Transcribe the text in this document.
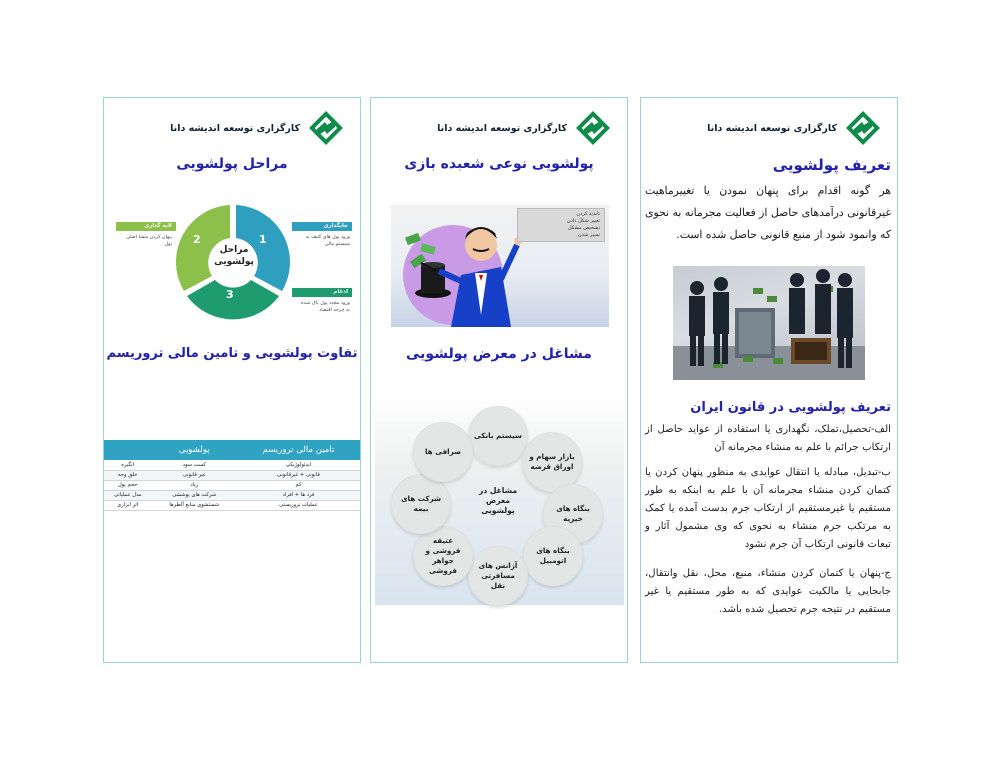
کارگزاری توسعه اندیشه دانا
مراحل پولشویی
مراحل پولشویی
1
2
3
جایگذاری
ورود پول های کثیف به سیستم مالی
لایه گذاری
پنهان کردن منشا اصلی پول
ادغام
ورود مجدد پول پاک شده به چرخه اقتصاد
تفاوت پولشویی و تامین مالی تروریسم
تامین مالی تروریسم	پولشویی	
ایدئولوژیکی	کسب سود	انگیزه
قانونی + غیرقانونی	غیر قانونی	خلق وجه
کم	زیاد	حجم پول
فرد ها + افراد	شرکت های پوششی	مدل عملیاتی
عملیات تروریستی	شستشوی منابع آلطرها	اثر ابزاری
کارگزاری توسعه اندیشه دانا
پولشویی نوعی شعبده بازی
نابدید کردن
تغییر شکل دادن
تشخیص مشکل
تمییز شدن
مشاغل در معرض پولشویی
مشاغل در معرض پولشویی
سیستم بانکی
بازار سهام و اوراق قرضه
بنگاه های خیریه
بنگاه های اتومبیل
آژانس های مسافرتی نقل
عتیقه فروشی و جواهر فروشی
شرکت های بیمه
صرافی ها
کارگزاری توسعه اندیشه دانا
تعریف پولشویی

هر گونه اقدام برای پنهان نمودن یا تغییرماهیت غیرقانونی درآمدهای حاصل از فعالیت مجرمانه به نحوی که وانمود شود از منبع قانونی حاصل شده است.

تعریف پولشویی در قانون ایران

الف-تحصیل،تملک، نگهداری یا استفاده از عواید حاصل از ارتکاب جرائم با علم به منشاء مجرمانه آن

ب-تبدیل، مبادله یا انتقال عوایدی به منظور پنهان کردن یا کتمان کردن منشاء مجرمانه آن با علم به اینکه به طور مستقیم یا غیرمستقیم از ارتکاب جرم بدست آمده یا کمک به مرتکب جرم منشاء به نحوی که وی مشمول آثار و تبعات قانونی ارتکاب آن جرم نشود

ج-پنهان یا کتمان کردن منشاء، منبع، محل، نقل وانتقال، جابجایی یا مالکیت عوایدی که به طور مستقیم یا غیر مستقیم در نتیجه جرم تحصیل شده باشد.
